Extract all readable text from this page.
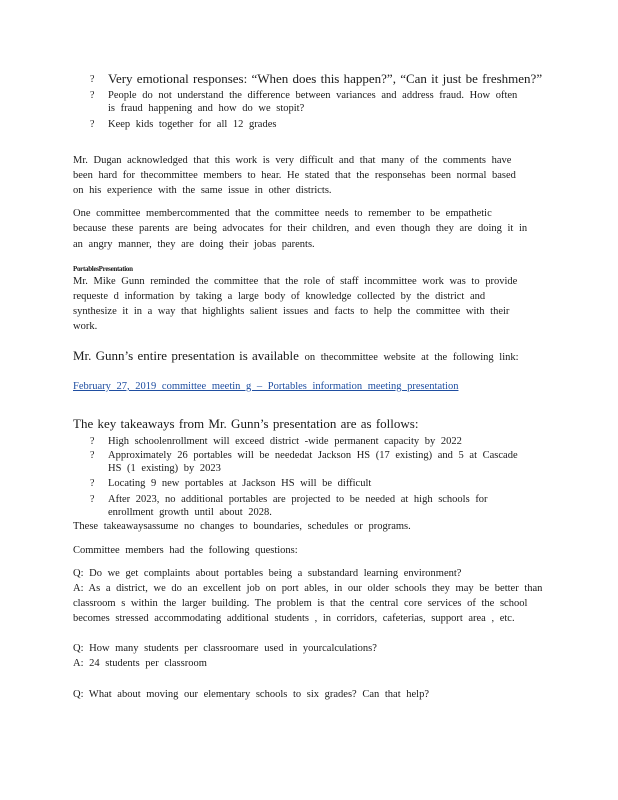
? Very emotional responses: “When does this happen?”, “Can it just be freshmen?”
? People do not understand the difference between variances and address fraud. How often
is fraud happening and how do we stopit?
? Keep kids together for all 12 grades
Mr. Dugan acknowledged that this work is very difficult and that many of the comments have
been hard for thecommittee members to hear. He stated that the responsehas been normal based
on his experience with the same issue in other districts.
One committee membercommented that the committee needs to remember to be empathetic
because these parents are being advocates for their children, and even though they are doing it in
an angry manner, they are doing their jobas parents.
PortablesPresentation
Mr. Mike Gunn reminded the committee that the role of staff incommittee work was to provide
requeste d information by taking a large body of knowledge collected by the district and
synthesize it in a way that highlights salient issues and facts to help the committee with their
work.
Mr. Gunn’s entire presentation is available on thecommittee website at the following link:
February 27, 2019 committee meetin g – Portables information meeting presentation
The key takeaways from Mr. Gunn’s presentation are as follows:
? High schoolenrollment will exceed district -wide permanent capacity by 2022
? Approximately 26 portables will be neededat Jackson HS (17 existing) and 5 at Cascade
HS (1 existing) by 2023
? Locating 9 new portables at Jackson HS will be difficult
? After 2023, no additional portables are projected to be needed at high schools for
enrollment growth until about 2028.
These takeawaysassume no changes to boundaries, schedules or programs.
Committee members had the following questions:
Q: Do we get complaints about portables being a substandard learning environment?
A: As a district, we do an excellent job on port ables, in our older schools they may be better than
classroom s within the larger building. The problem is that the central core services of the school
becomes stressed accommodating additional students , in corridors, cafeterias, support area , etc.
Q: How many students per classroomare used in yourcalculations?
A: 24 students per classroom
Q: What about moving our elementary schools to six grades? Can that help?
